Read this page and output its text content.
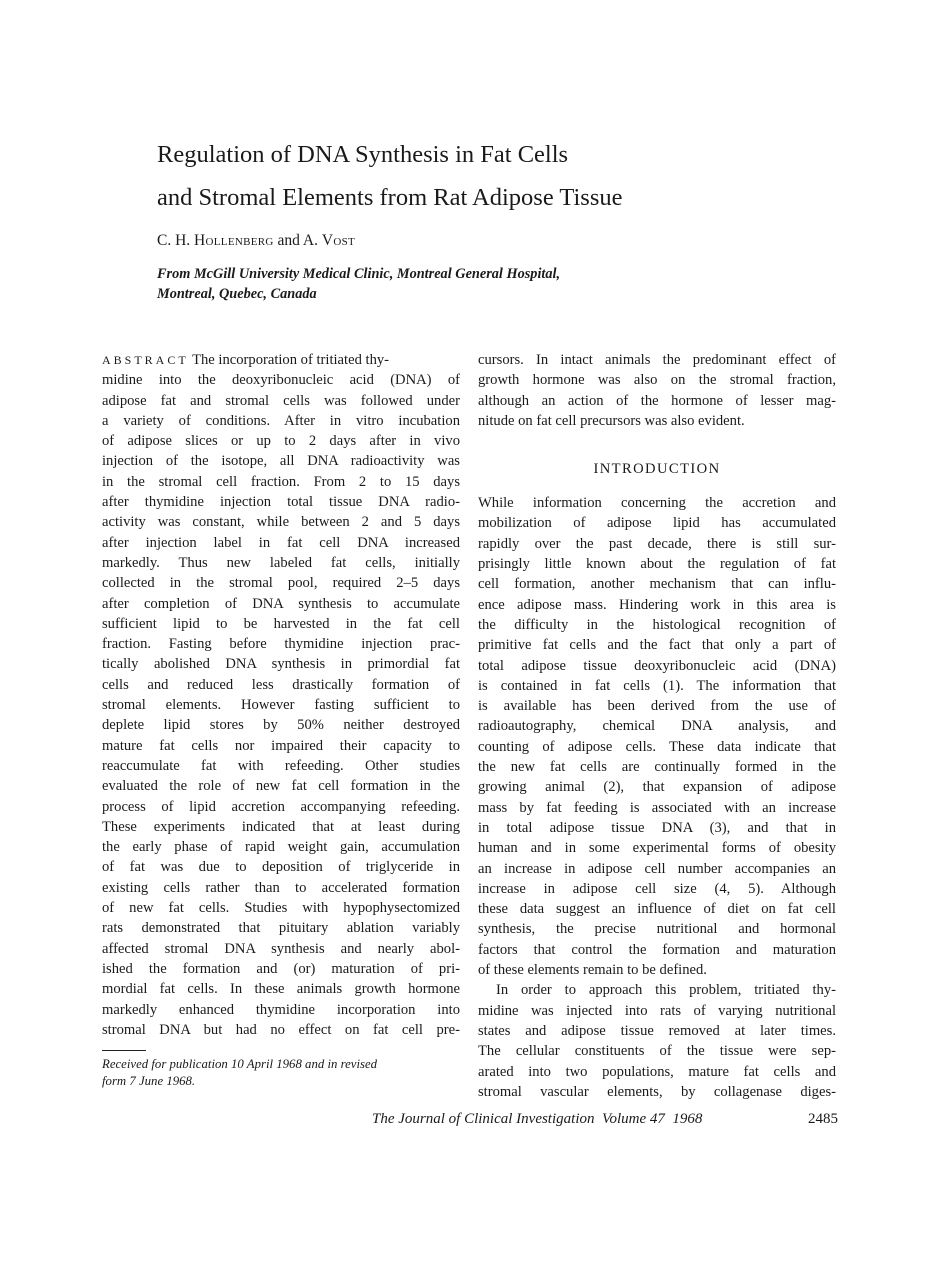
Regulation of DNA Synthesis in Fat Cells
and Stromal Elements from Rat Adipose Tissue

C. H. Hollenberg and A. Vost

From McGill University Medical Clinic, Montreal General Hospital,
Montreal, Quebec, Canada
ABSTRACT The incorporation of tritiated thy-
midine into the deoxyribonucleic acid (DNA) of
adipose fat and stromal cells was followed under
a variety of conditions. After in vitro incubation
of adipose slices or up to 2 days after in vivo
injection of the isotope, all DNA radioactivity was
in the stromal cell fraction. From 2 to 15 days
after thymidine injection total tissue DNA radio-
activity was constant, while between 2 and 5 days
after injection label in fat cell DNA increased
markedly. Thus new labeled fat cells, initially
collected in the stromal pool, required 2–5 days
after completion of DNA synthesis to accumulate
sufficient lipid to be harvested in the fat cell
fraction. Fasting before thymidine injection prac-
tically abolished DNA synthesis in primordial fat
cells and reduced less drastically formation of
stromal elements. However fasting sufficient to
deplete lipid stores by 50% neither destroyed
mature fat cells nor impaired their capacity to
reaccumulate fat with refeeding. Other studies
evaluated the role of new fat cell formation in the
process of lipid accretion accompanying refeeding.
These experiments indicated that at least during
the early phase of rapid weight gain, accumulation
of fat was due to deposition of triglyceride in
existing cells rather than to accelerated formation
of new fat cells. Studies with hypophysectomized
rats demonstrated that pituitary ablation variably
affected stromal DNA synthesis and nearly abol-
ished the formation and (or) maturation of pri-
mordial fat cells. In these animals growth hormone
markedly enhanced thymidine incorporation into
stromal DNA but had no effect on fat cell pre-
cursors. In intact animals the predominant effect of
growth hormone was also on the stromal fraction,
although an action of the hormone of lesser mag-
nitude on fat cell precursors was also evident.
INTRODUCTION
While information concerning the accretion and
mobilization of adipose lipid has accumulated
rapidly over the past decade, there is still sur-
prisingly little known about the regulation of fat
cell formation, another mechanism that can influ-
ence adipose mass. Hindering work in this area is
the difficulty in the histological recognition of
primitive fat cells and the fact that only a part of
total adipose tissue deoxyribonucleic acid (DNA)
is contained in fat cells (1). The information that
is available has been derived from the use of
radioautography, chemical DNA analysis, and
counting of adipose cells. These data indicate that
the new fat cells are continually formed in the
growing animal (2), that expansion of adipose
mass by fat feeding is associated with an increase
in total adipose tissue DNA (3), and that in
human and in some experimental forms of obesity
an increase in adipose cell number accompanies an
increase in adipose cell size (4, 5). Although
these data suggest an influence of diet on fat cell
synthesis, the precise nutritional and hormonal
factors that control the formation and maturation
of these elements remain to be defined.
In order to approach this problem, tritiated thy-
midine was injected into rats of varying nutritional
states and adipose tissue removed at later times.
The cellular constituents of the tissue were sep-
arated into two populations, mature fat cells and
stromal vascular elements, by collagenase diges-
Received for publication 10 April 1968 and in revised
form 7 June 1968.
The Journal of Clinical Investigation Volume 47 1968	2485
